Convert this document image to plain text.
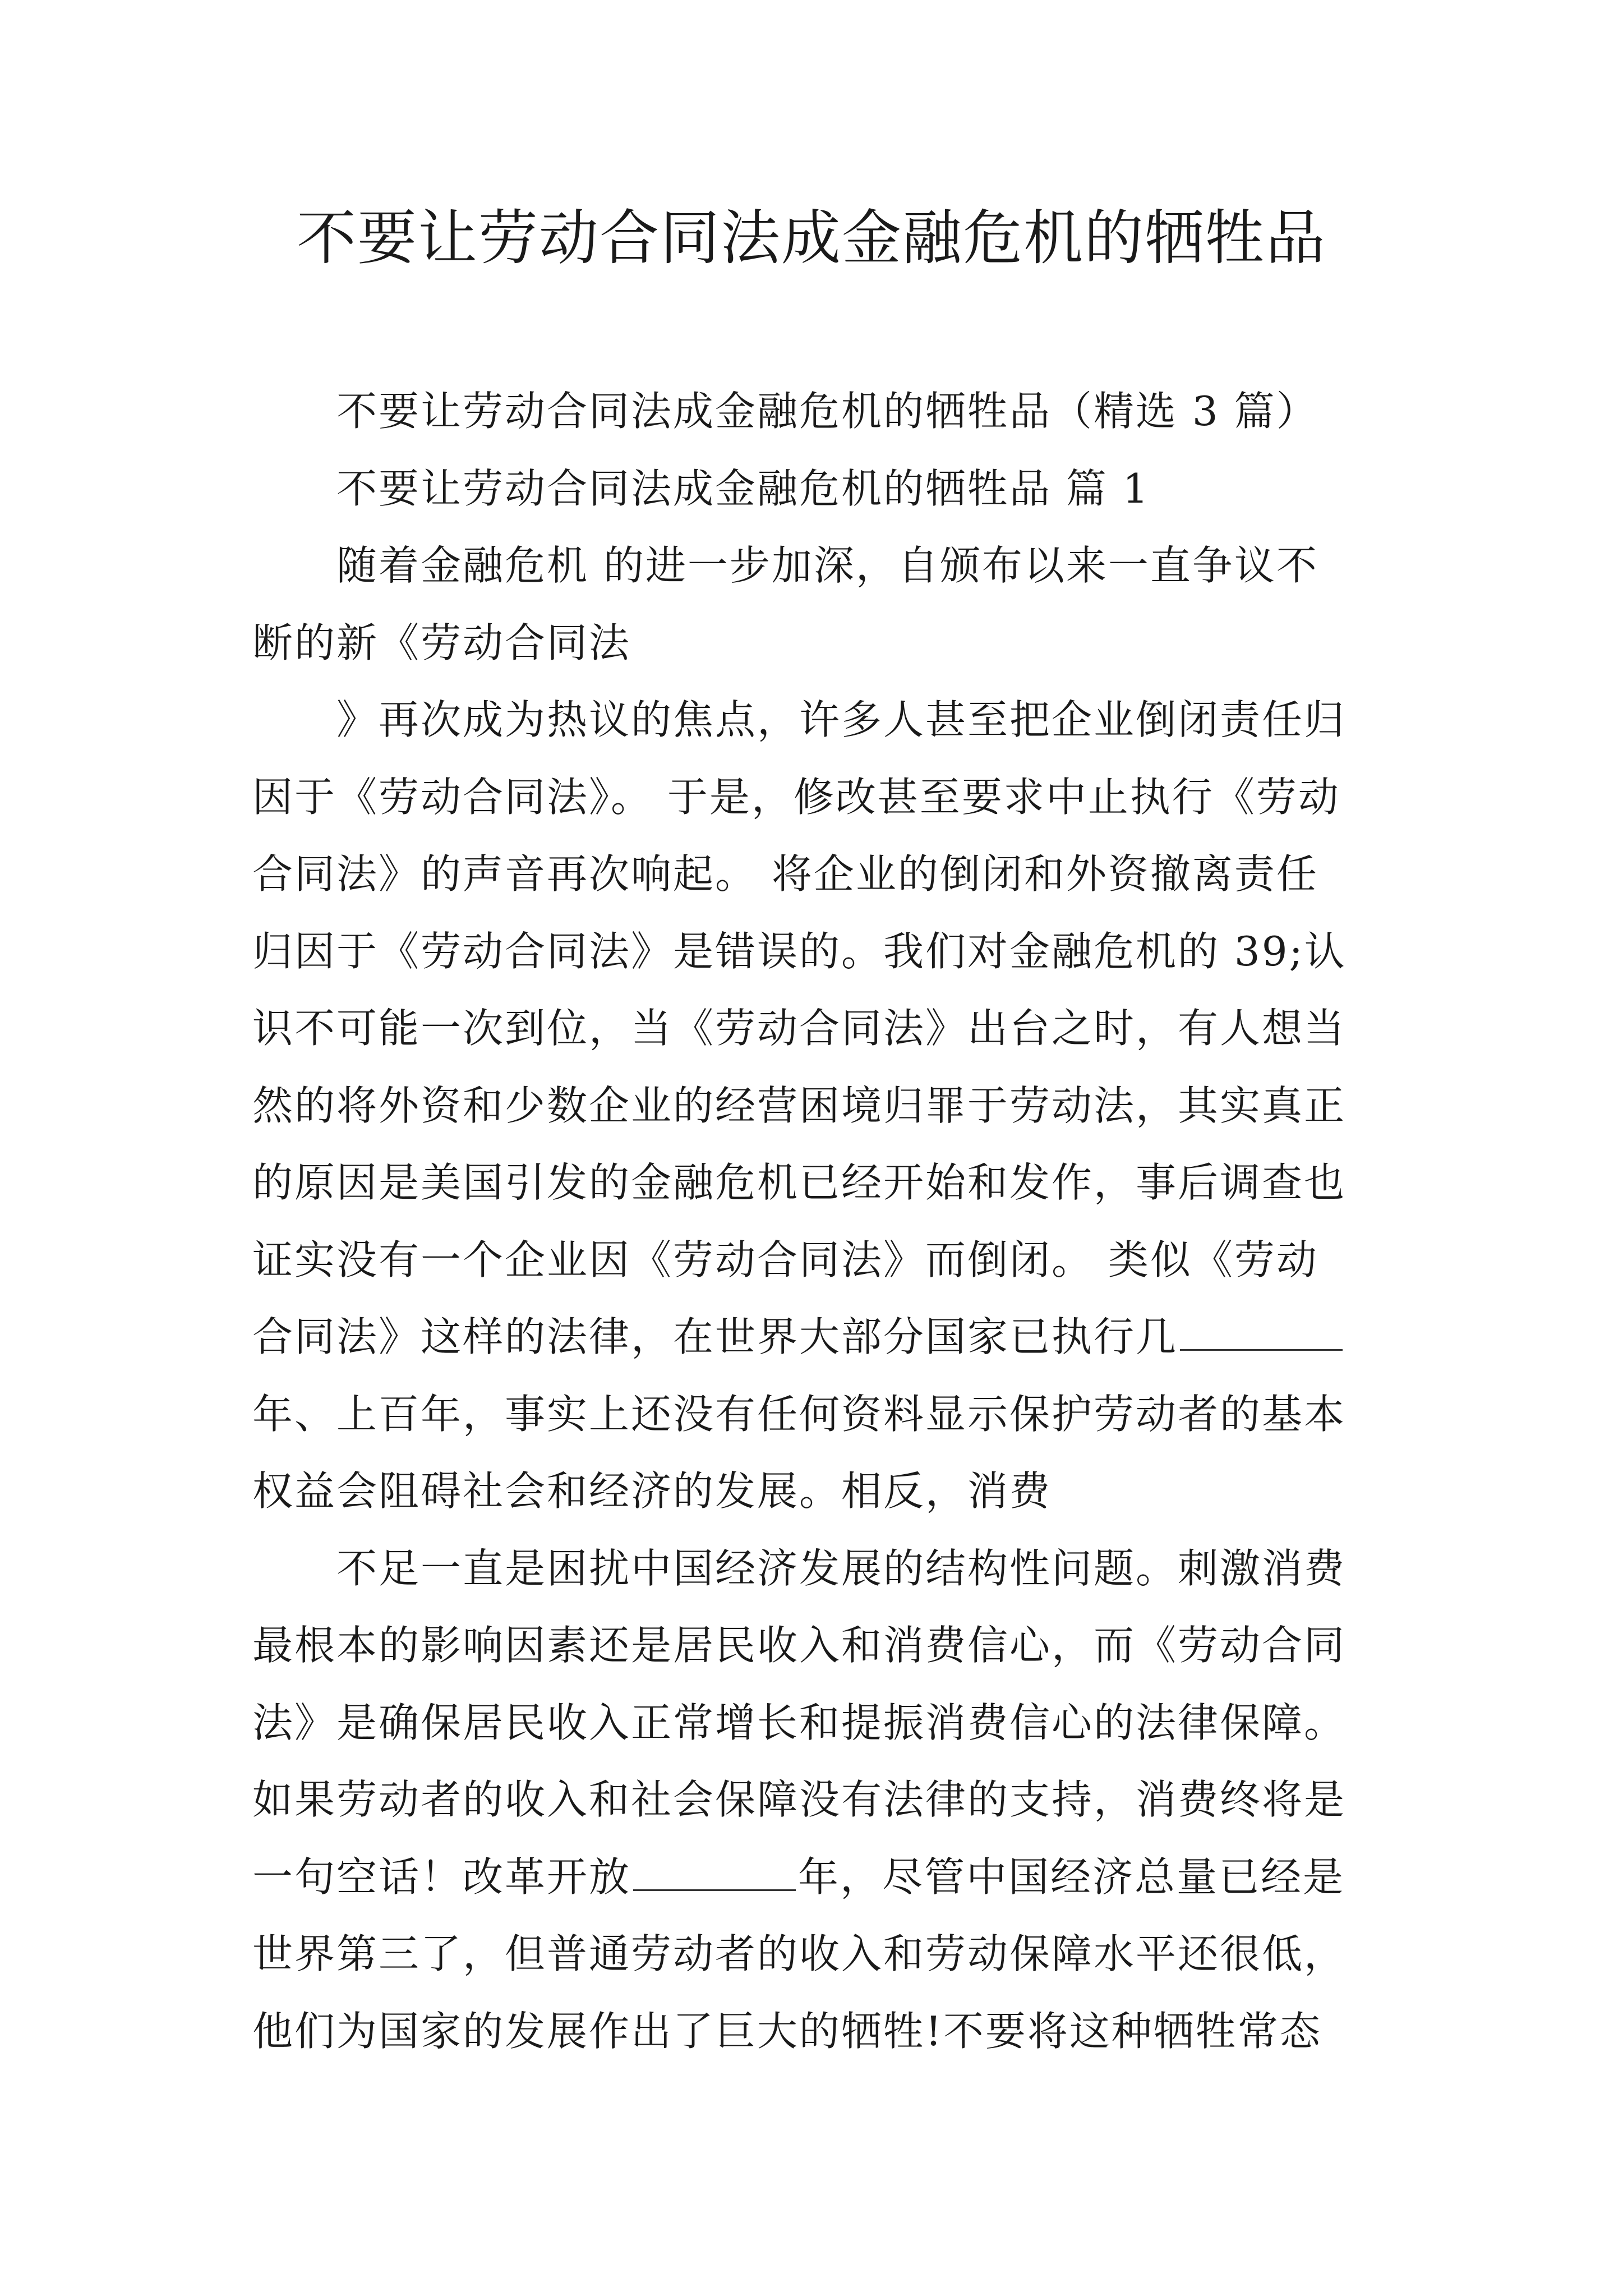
不要让劳动合同法成金融危机的牺牲品
不要让劳动合同法成金融危机的牺牲品（精选 3 篇）
不要让劳动合同法成金融危机的牺牲品 篇 1
随着金融危机 的进一步加深，自颁布以来一直争议不
断的新《劳动合同法
》再次成为热议的焦点，许多人甚至把企业倒闭责任归
因于《劳动合同法》。 于是，修改甚至要求中止执行《劳动
合同法》的声音再次响起。 将企业的倒闭和外资撤离责任
归因于《劳动合同法》是错误的。我们对金融危机的 39;认
识不可能一次到位，当《劳动合同法》出台之时，有人想当
然的将外资和少数企业的经营困境归罪于劳动法，其实真正
的原因是美国引发的金融危机已经开始和发作，事后调查也
证实没有一个企业因《劳动合同法》而倒闭。 类似《劳动
合同法》这样的法律，在世界大部分国家已执行几
年、上百年，事实上还没有任何资料显示保护劳动者的基本
权益会阻碍社会和经济的发展。相反，消费
不足一直是困扰中国经济发展的结构性问题。刺激消费
最根本的影响因素还是居民收入和消费信心，而《劳动合同
法》是确保居民收入正常增长和提振消费信心的法律保障。
如果劳动者的收入和社会保障没有法律的支持，消费终将是
一句空话！改革开放	年，尽管中国经济总量已经是
世界第三了，但普通劳动者的收入和劳动保障水平还很低，
他们为国家的发展作出了巨大的牺牲!不要将这种牺牲常态
